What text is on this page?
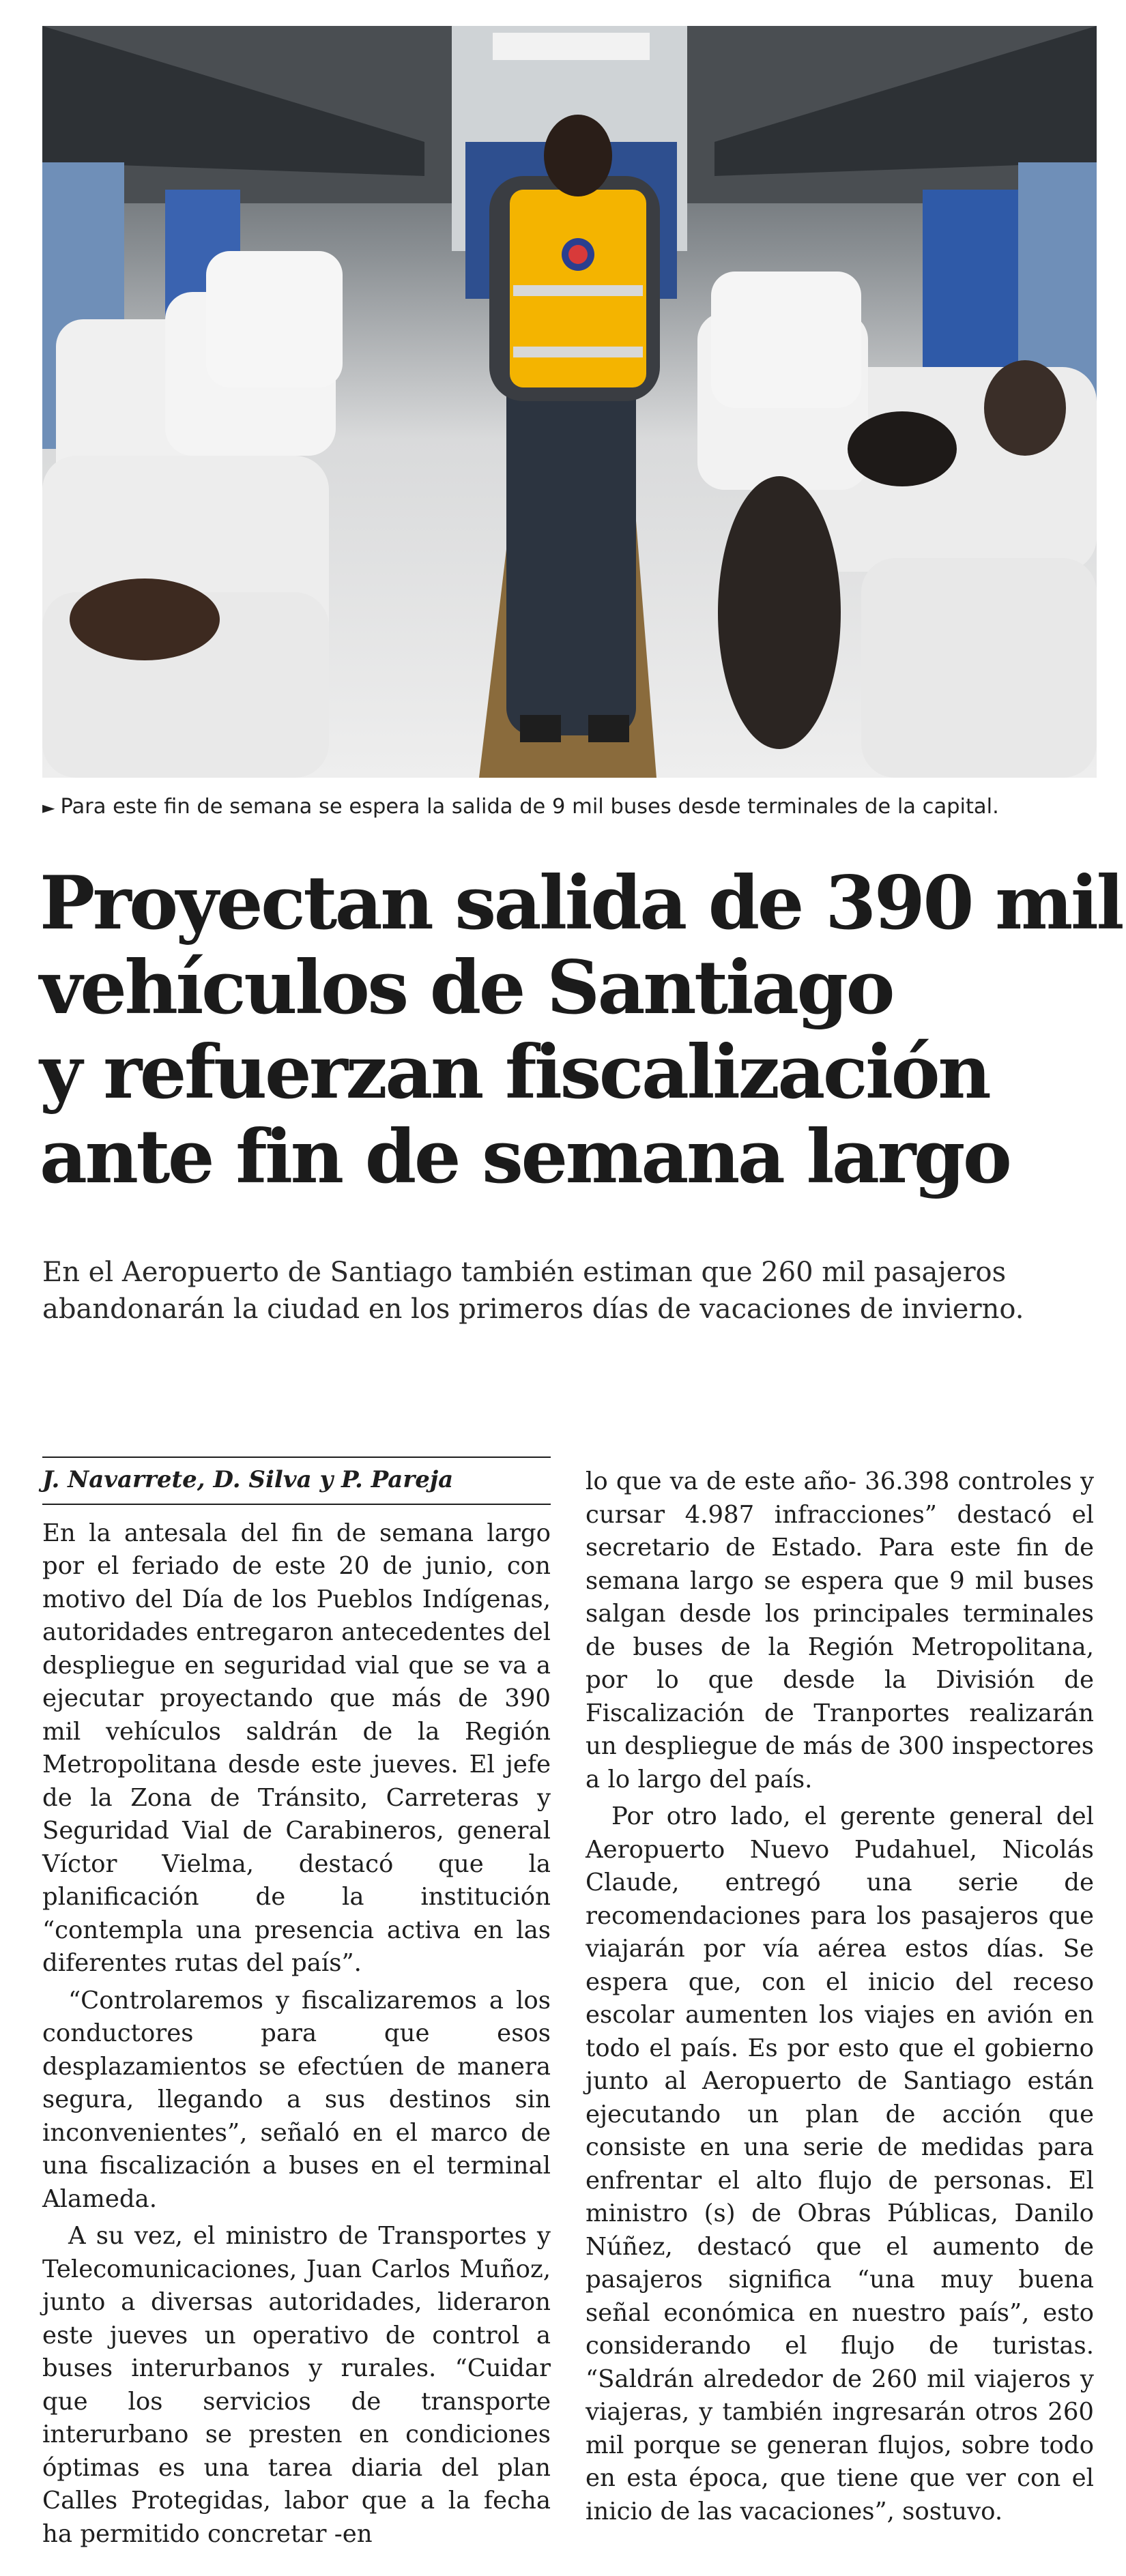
► Para este fin de semana se espera la salida de 9 mil buses desde terminales de la capital.
Proyectan salida de 390 mil
vehículos de Santiago
y refuerzan fiscalización
ante fin de semana largo
En el Aeropuerto de Santiago también estiman que 260 mil pasajeros
abandonarán la ciudad en los primeros días de vacaciones de invierno.
J. Navarrete, D. Silva y P. Pareja

En la antesala del fin de semana largo por el feriado de este 20 de junio, con motivo del Día de los Pueblos Indígenas, autoridades entregaron antecedentes del despliegue en seguridad vial que se va a ejecutar proyectando que más de 390 mil vehículos saldrán de la Región Metropolitana desde este jueves. El jefe de la Zona de Tránsito, Carreteras y Seguridad Vial de Carabineros, general Víctor Vielma, destacó que la planificación de la institución “contempla una presencia activa en las diferentes rutas del país”.

“Controlaremos y fiscalizaremos a los conductores para que esos desplazamientos se efectúen de manera segura, llegando a sus destinos sin inconvenientes”, señaló en el marco de una fiscalización a buses en el terminal Alameda.

A su vez, el ministro de Transportes y Telecomunicaciones, Juan Carlos Muñoz, junto a diversas autoridades, lideraron este jueves un operativo de control a buses interurbanos y rurales. “Cuidar que los servicios de transporte interurbano se presten en condiciones óptimas es una tarea diaria del plan Calles Protegidas, labor que a la fecha ha permitido concretar -en

lo que va de este año- 36.398 controles y cursar 4.987 infracciones” destacó el secretario de Estado. Para este fin de semana largo se espera que 9 mil buses salgan desde los principales terminales de buses de la Región Metropolitana, por lo que desde la División de Fiscalización de Tranportes realizarán un despliegue de más de 300 inspectores a lo largo del país.

Por otro lado, el gerente general del Aeropuerto Nuevo Pudahuel, Nicolás Claude, entregó una serie de recomendaciones para los pasajeros que viajarán por vía aérea estos días. Se espera que, con el inicio del receso escolar aumenten los viajes en avión en todo el país. Es por esto que el gobierno junto al Aeropuerto de Santiago están ejecutando un plan de acción que consiste en una serie de medidas para enfrentar el alto flujo de personas. El ministro (s) de Obras Públicas, Danilo Núñez, destacó que el aumento de pasajeros significa “una muy buena señal económica en nuestro país”, esto considerando el flujo de turistas. “Saldrán alrededor de 260 mil viajeros y viajeras, y también ingresarán otros 260 mil porque se generan flujos, sobre todo en esta época, que tiene que ver con el inicio de las vacaciones”, sostuvo.
